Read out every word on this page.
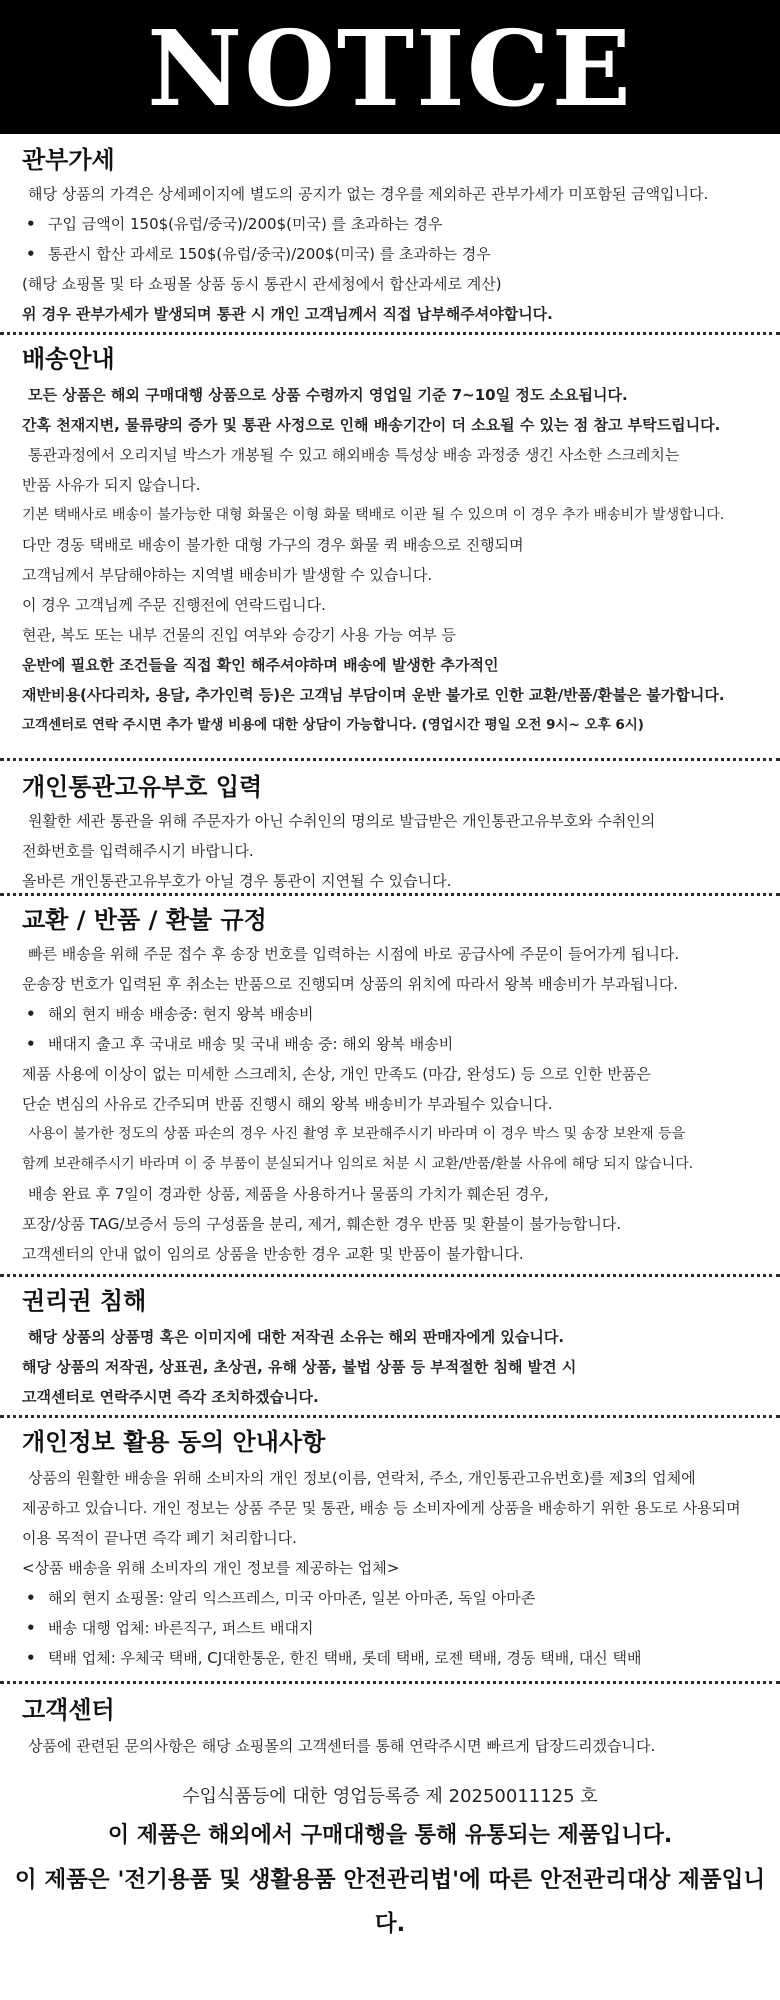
NOTICE
관부가세
해당 상품의 가격은 상세페이지에 별도의 공지가 없는 경우를 제외하곤 관부가세가 미포함된 금액입니다.
• 구입 금액이 150$(유럽/중국)/200$(미국) 를 초과하는 경우
• 통관시 합산 과세로 150$(유럽/중국)/200$(미국) 를 초과하는 경우
(해당 쇼핑몰 및 타 쇼핑몰 상품 동시 통관시 관세청에서 합산과세로 계산)
위 경우 관부가세가 발생되며 통관 시 개인 고객님께서 직접 납부해주셔야합니다.
배송안내
모든 상품은 해외 구매대행 상품으로 상품 수령까지 영업일 기준 7~10일 정도 소요됩니다.
간혹 천재지변, 물류량의 증가 및 통관 사정으로 인해 배송기간이 더 소요될 수 있는 점 참고 부탁드립니다.
통관과정에서 오리지널 박스가 개봉될 수 있고 해외배송 특성상 배송 과정중 생긴 사소한 스크레치는
반품 사유가 되지 않습니다.
기본 택배사로 배송이 불가능한 대형 화물은 이형 화물 택배로 이관 될 수 있으며 이 경우 추가 배송비가 발생합니다.
다만 경동 택배로 배송이 불가한 대형 가구의 경우 화물 퀵 배송으로 진행되며
고객님께서 부담해야하는 지역별 배송비가 발생할 수 있습니다.
이 경우 고객님께 주문 진행전에 연락드립니다.
현관, 복도 또는 내부 건물의 진입 여부와 승강기 사용 가능 여부 등
운반에 필요한 조건들을 직접 확인 해주셔야하며 배송에 발생한 추가적인
재반비용(사다리차, 용달, 추가인력 등)은 고객님 부담이며 운반 불가로 인한 교환/반품/환불은 불가합니다.
고객센터로 연락 주시면 추가 발생 비용에 대한 상담이 가능합니다. (영업시간 평일 오전 9시~ 오후 6시)
개인통관고유부호 입력
원활한 세관 통관을 위해 주문자가 아닌 수취인의 명의로 발급받은 개인통관고유부호와 수취인의
전화번호를 입력해주시기 바랍니다.
올바른 개인통관고유부호가 아닐 경우 통관이 지연될 수 있습니다.
교환 / 반품 / 환불 규정
빠른 배송을 위해 주문 접수 후 송장 번호를 입력하는 시점에 바로 공급사에 주문이 들어가게 됩니다.
운송장 번호가 입력된 후 취소는 반품으로 진행되며 상품의 위치에 따라서 왕복 배송비가 부과됩니다.
• 해외 현지 배송 배송중: 현지 왕복 배송비
• 배대지 출고 후 국내로 배송 및 국내 배송 중: 해외 왕복 배송비
제품 사용에 이상이 없는 미세한 스크레치, 손상, 개인 만족도 (마감, 완성도) 등 으로 인한 반품은
단순 변심의 사유로 간주되며 반품 진행시 해외 왕복 배송비가 부과될수 있습니다.
사용이 불가한 정도의 상품 파손의 경우 사진 촬영 후 보관해주시기 바라며 이 경우 박스 및 송장 보완재 등을
함께 보관해주시기 바라며 이 중 부품이 분실되거나 임의로 처분 시 교환/반품/환불 사유에 해당 되지 않습니다.
배송 완료 후 7일이 경과한 상품, 제품을 사용하거나 물품의 가치가 훼손된 경우,
포장/상품 TAG/보증서 등의 구성품을 분리, 제거, 훼손한 경우 반품 및 환불이 불가능합니다.
고객센터의 안내 없이 임의로 상품을 반송한 경우 교환 및 반품이 불가합니다.
권리권 침해
해당 상품의 상품명 혹은 이미지에 대한 저작권 소유는 해외 판매자에게 있습니다.
해당 상품의 저작권, 상표권, 초상권, 유해 상품, 불법 상품 등 부적절한 침해 발견 시
고객센터로 연락주시면 즉각 조치하겠습니다.
개인정보 활용 동의 안내사항
상품의 원활한 배송을 위해 소비자의 개인 정보(이름, 연락처, 주소, 개인통관고유번호)를 제3의 업체에
제공하고 있습니다. 개인 정보는 상품 주문 및 통관, 배송 등 소비자에게 상품을 배송하기 위한 용도로 사용되며
이용 목적이 끝나면 즉각 폐기 처리합니다.
<상품 배송을 위해 소비자의 개인 정보를 제공하는 업체>
• 해외 현지 쇼핑몰: 알리 익스프레스, 미국 아마존, 일본 아마존, 독일 아마존
• 배송 대행 업체: 바른직구, 퍼스트 배대지
• 택배 업체: 우체국 택배, CJ대한통운, 한진 택배, 롯데 택배, 로젠 택배, 경동 택배, 대신 택배
고객센터
상품에 관련된 문의사항은 해당 쇼핑몰의 고객센터를 통해 연락주시면 빠르게 답장드리겠습니다.
수입식품등에 대한 영업등록증 제 20250011125 호
이 제품은 해외에서 구매대행을 통해 유통되는 제품입니다.
이 제품은 '전기용품 및 생활용품 안전관리법'에 따른 안전관리대상 제품입니다.
